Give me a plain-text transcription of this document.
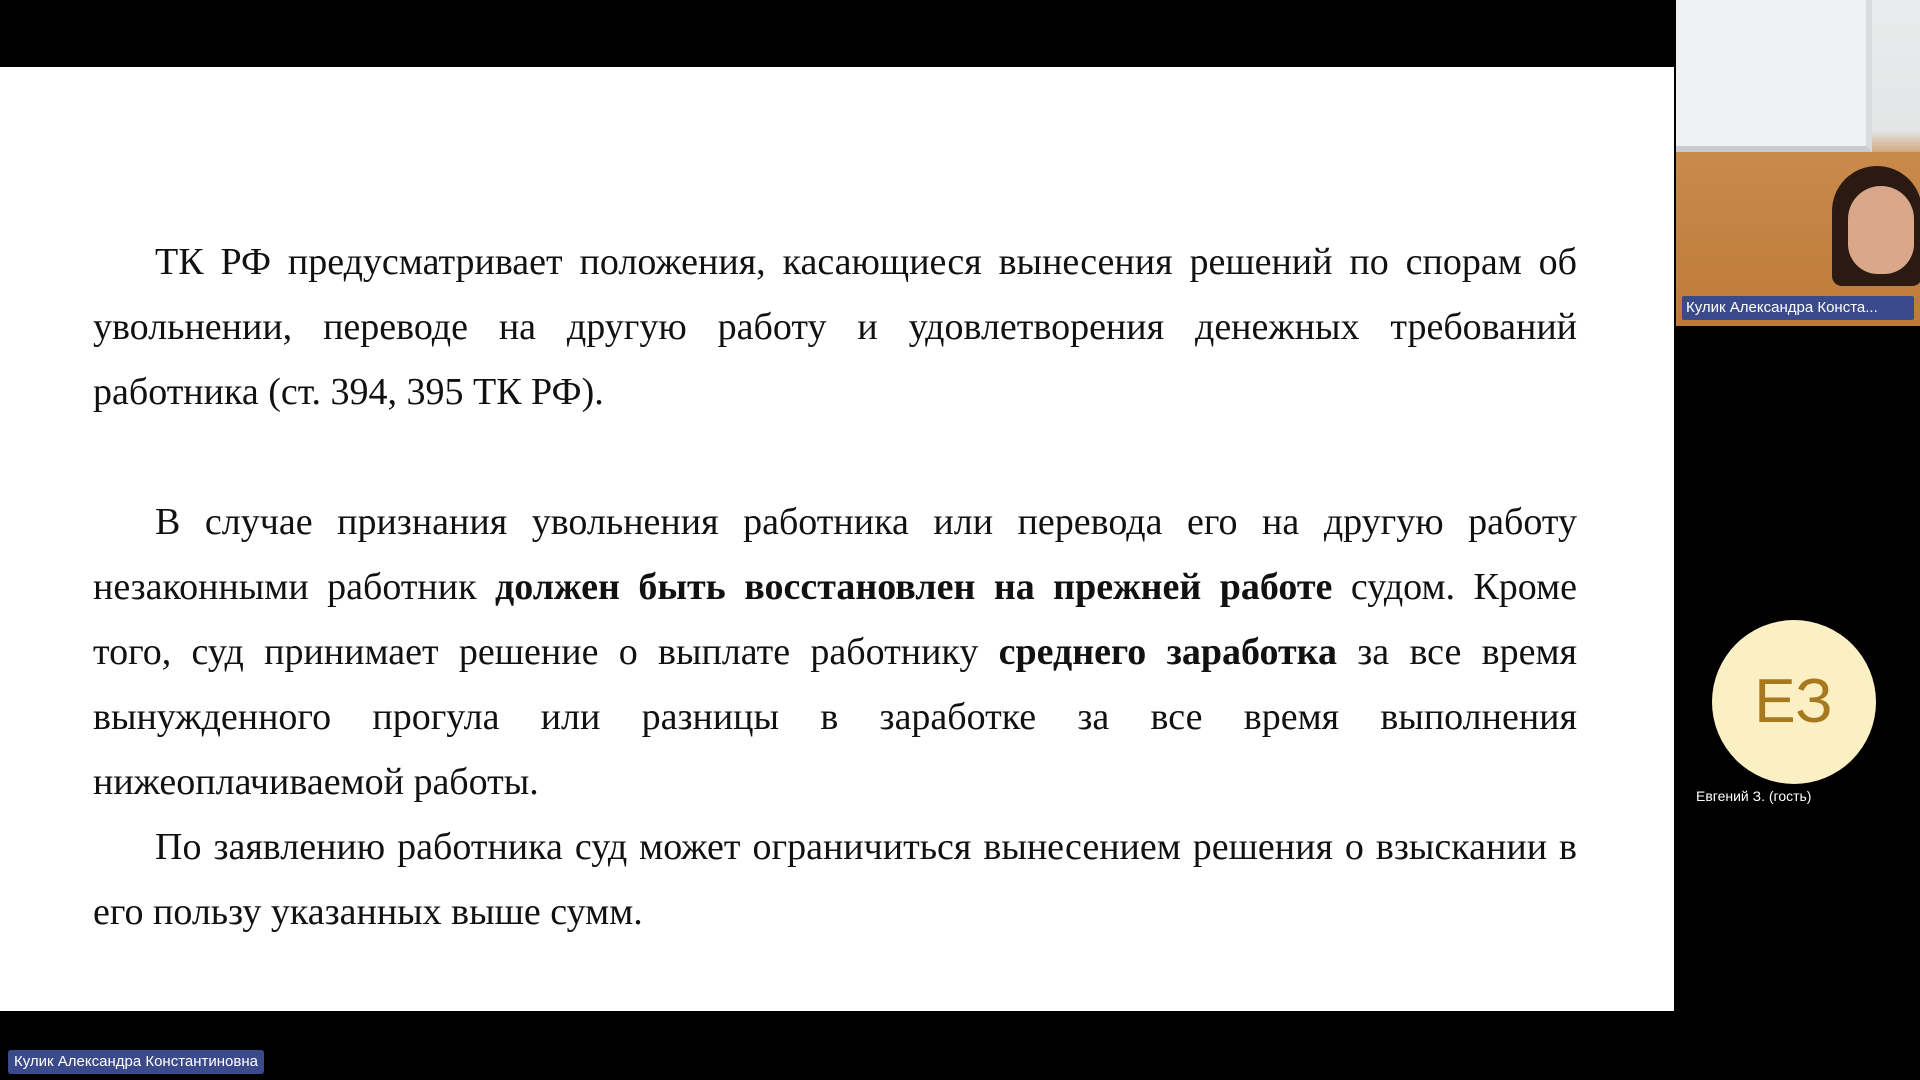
ТК РФ предусматривает положения, касающиеся вынесения решений по спорам об увольнении, переводе на другую работу и удовлетворения денежных требований работника (ст. 394, 395 ТК РФ).

В случае признания увольнения работника или перевода его на другую работу незаконными работник должен быть восстановлен на прежней работе судом. Кроме того, суд принимает решение о выплате работнику среднего заработка за все время вынужденного прогула или разницы в заработке за все время выполнения нижеоплачиваемой работы.

По заявлению работника суд может ограничиться вынесением решения о взыскании в его пользу указанных выше сумм.

Кулик Александра Константиновна
Кулик Александра Конста...
ЕЗ
Евгений З. (гость)
